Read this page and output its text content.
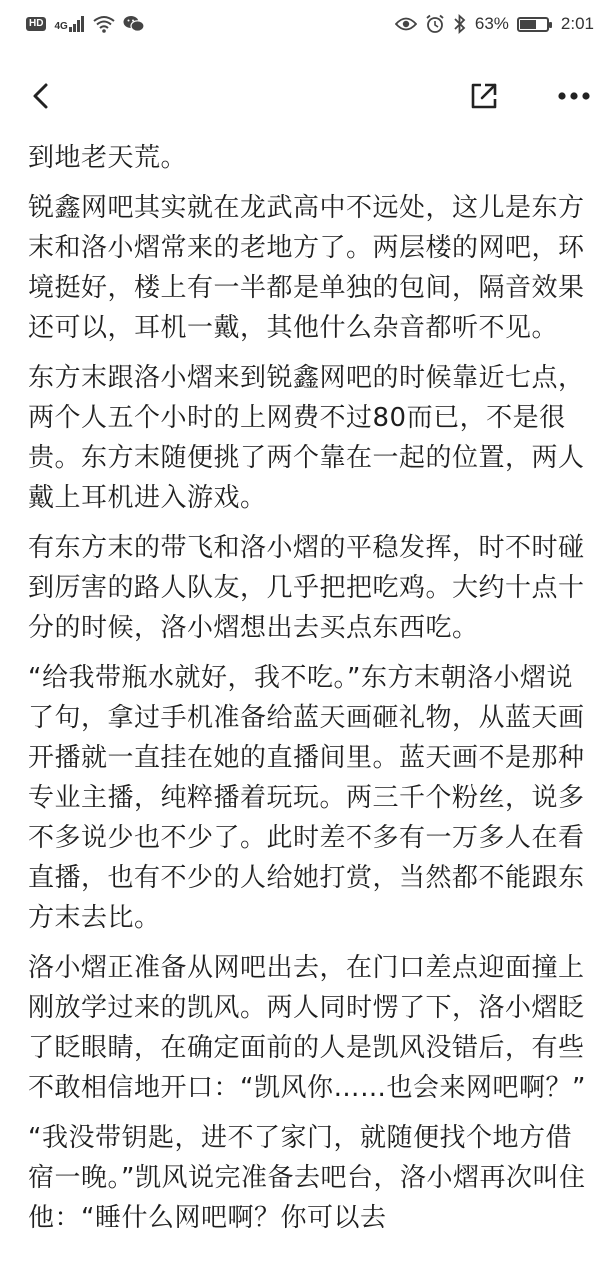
HD	4G	63%	2:01

到地老天荒。

锐鑫网吧其实就在龙武高中不远处，这儿是东方末和洛小熠常来的老地方了。两层楼的网吧，环境挺好，楼上有一半都是单独的包间，隔音效果还可以，耳机一戴，其他什么杂音都听不见。

东方末跟洛小熠来到锐鑫网吧的时候靠近七点，两个人五个小时的上网费不过80而已，不是很贵。东方末随便挑了两个靠在一起的位置，两人戴上耳机进入游戏。

有东方末的带飞和洛小熠的平稳发挥，时不时碰到厉害的路人队友，几乎把把吃鸡。大约十点十分的时候，洛小熠想出去买点东西吃。

“给我带瓶水就好，我不吃。”东方末朝洛小熠说了句，拿过手机准备给蓝天画砸礼物，从蓝天画开播就一直挂在她的直播间里。蓝天画不是那种专业主播，纯粹播着玩玩。两三千个粉丝，说多不多说少也不少了。此时差不多有一万多人在看直播，也有不少的人给她打赏，当然都不能跟东方末去比。

洛小熠正准备从网吧出去，在门口差点迎面撞上刚放学过来的凯风。两人同时愣了下，洛小熠眨了眨眼睛，在确定面前的人是凯风没错后，有些不敢相信地开口：“凯风你……也会来网吧啊？”

“我没带钥匙，进不了家门，就随便找个地方借宿一晚。”凯风说完准备去吧台，洛小熠再次叫住他：“睡什么网吧啊？你可以去
